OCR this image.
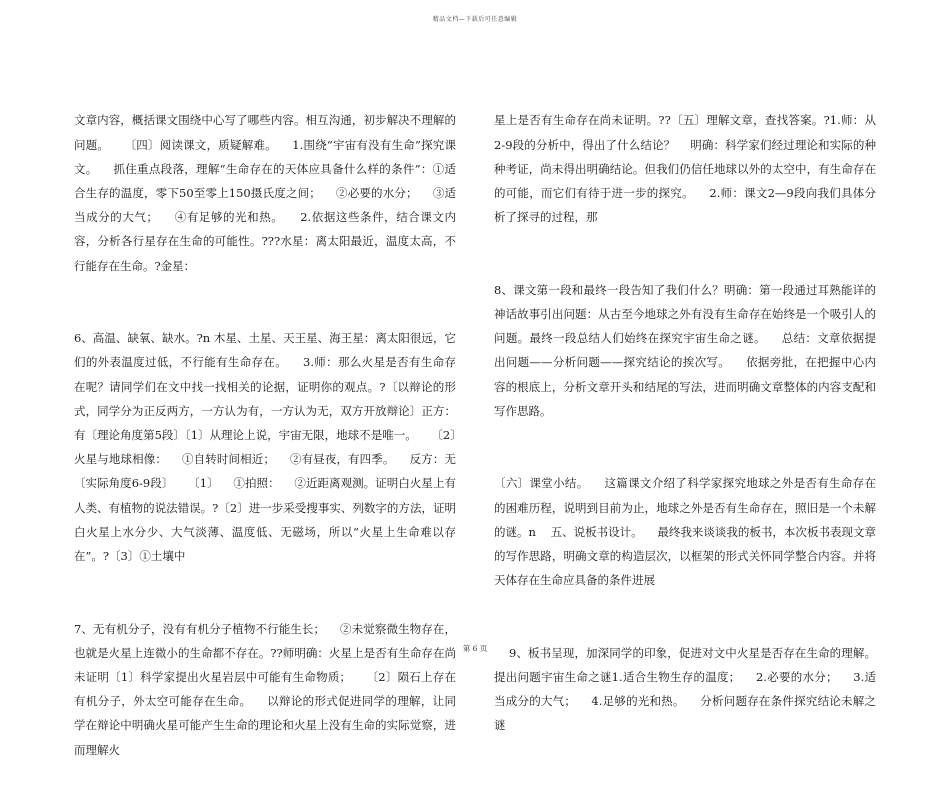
精品文档—下载后可任意编辑

文章内容，概括课文围绕中心写了哪些内容。相互沟通，初步解决不理解的问题。    〔四〕阅读课文，质疑解难。    1.围绕“宇宙有没有生命”探究课文。    抓住重点段落，理解“生命存在的天体应具备什么样的条件”：①适合生存的温度，零下50至零上150摄氏度之间；    ②必要的水分；    ③适当成分的大气；    ④有足够的光和热。    2.依据这些条件，结合课文内容，分析各行星存在生命的可能性。???水星：离太阳最近，温度太高，不行能存在生命。?金星：

6、高温、缺氧、缺水。?n 木星、土星、天王星、海王星：离太阳很远，它们的外表温度过低，不行能有生命存在。    3.师：那么火星是否有生命存在呢？请同学们在文中找一找相关的论据，证明你的观点。?〔以辩论的形式，同学分为正反两方，一方认为有，一方认为无，双方开放辩论〕正方：有〔理论角度第5段〕〔1〕从理论上说，宇宙无限，地球不是唯一。    〔2〕火星与地球相像：    ①自转时间相近；    ②有昼夜，有四季。    反方：无〔实际角度6-9段〕    〔1〕    ①拍照：    ②近距离观测。证明白火星上有人类、有植物的说法错误。?〔2〕进一步采受搜事实、列数字的方法，证明白火星上水分少、大气淡薄、温度低、无磁场，所以“火星上生命难以存在”。?〔3〕①土壤中

7、无有机分子，没有有机分子植物不行能生长；    ②未觉察微生物存在，也就是火星上连微小的生命都不存在。??师明确：火星上是否有生命存在尚未证明〔1〕科学家提出火星岩层中可能有生命物质；    〔2〕陨石上存在有机分子，外太空可能存在生命。    以辩论的形式促进同学的理解，让同学在辩论中明确火星可能产生生命的理论和火星上没有生命的实际觉察，进而理解火

星上是否有生命存在尚未证明。??〔五〕理解文章，查找答案。?1.师：从2-9段的分析中，得出了什么结论？    明确：科学家们经过理论和实际的种种考证，尚未得出明确结论。但我们仍信任地球以外的太空中，有生命存在的可能，而它们有待于进一步的探究。    2.师：课文2—9段向我们具体分析了探寻的过程，那

8、课文第一段和最终一段告知了我们什么？明确：第一段通过耳熟能详的神话故事引出问题：从古至今地球之外有没有生命存在始终是一个吸引人的问题。最终一段总结人们始终在探究宇宙生命之谜。    总结：文章依据提出问题——分析问题——探究结论的挨次写。    依据旁批，在把握中心内容的根底上，分析文章开头和结尾的写法，进而明确文章整体的内容支配和写作思路。

〔六〕课堂小结。    这篇课文介绍了科学家探究地球之外是否有生命存在的困难历程，说明到目前为止，地球之外是否有生命存在，照旧是一个未解的谜。n    五、说板书设计。    最终我来谈谈我的板书，本次板书表现文章的写作思路，明确文章的构造层次，以框架的形式关怀同学整合内容。并将天体存在生命应具备的条件进展

9、板书呈现，加深同学的印象，促进对文中火星是否存在生命的理解。提出问题宇宙生命之谜1.适合生物生存的温度；    2.必要的水分；    3.适当成分的大气；    4.足够的光和热。    分析问题存在条件探究结论未解之谜

第 6 页
